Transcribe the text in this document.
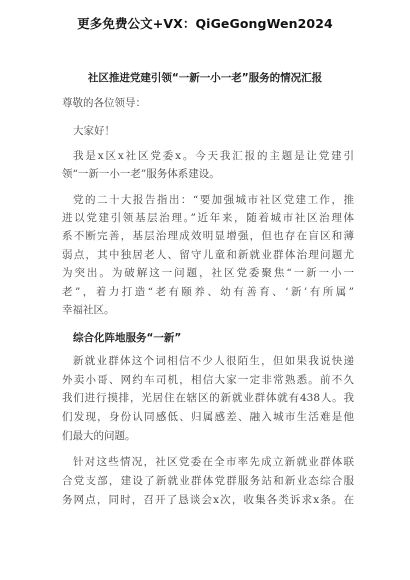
更多免费公文+VX：QiGeGongWen2024
社区推进党建引领“一新一小一老”服务的情况汇报
尊敬的各位领导：
大家好！
我是x区x社区党委x。今天我汇报的主题是让党建引
领“一新一小一老”服务体系建设。
党的二十大报告指出：“要加强城市社区党建工作，推
进以党建引领基层治理。”近年来，随着城市社区治理体
系不断完善，基层治理成效明显增强，但也存在盲区和薄
弱点，其中独居老人、留守儿童和新就业群体治理问题尤
为突出。为破解这一问题，社区党委聚焦“一新一小一
老”，着力打造“老有颐养、幼有善育、‘新’有所属”
幸福社区。
综合化阵地服务“一新”
新就业群体这个词相信不少人很陌生，但如果我说快递
外卖小哥、网约车司机，相信大家一定非常熟悉。前不久
我们进行摸排，光居住在辖区的新就业群体就有438人。我
们发现，身份认同感低、归属感差、融入城市生活难是他
们最大的问题。
针对这些情况，社区党委在全市率先成立新就业群体联
合党支部，建设了新就业群体党群服务站和新业态综合服
务网点，同时，召开了恳谈会x次，收集各类诉求x条。在
